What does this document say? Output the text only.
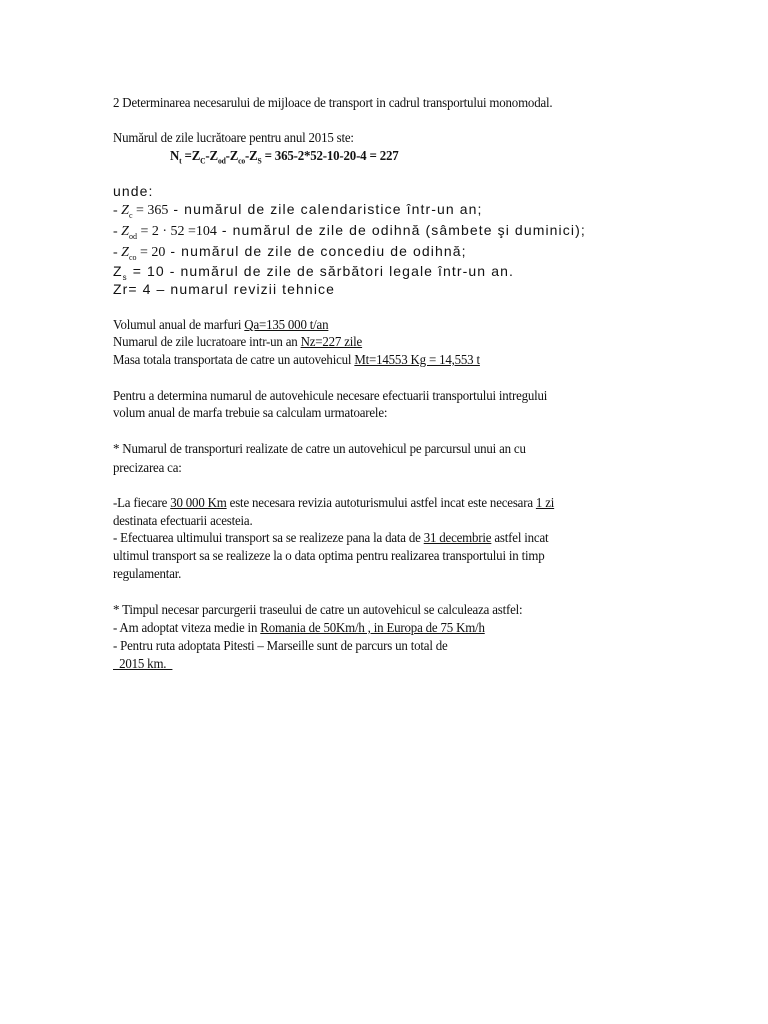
2 Determinarea necesarului de mijloace de transport in cadrul transportului monomodal.
Numărul de zile lucrătoare pentru anul 2015 ste:
$N_t =Z_C-Z_{od}-Z_{co}-Z_S = 365-2*52-10-20-4 = 227$
unde:
- $Z_c = 365$ - numărul de zile calendaristice într-un an;
- $Z_{od} = 2 \cdot 52 =104$ - numărul de zile de odihnă (sâmbete şi duminici);
- $Z_{co} = 20$ - numărul de zile de concediu de odihnă;
$Z_s = 10$ - numărul de zile de sărbători legale într-un an.
Zr= 4 – numarul revizii tehnice
Volumul anual de marfuri Qa=135 000 t/an
Numarul de zile lucratoare intr-un an Nz=227 zile
Masa totala transportata de catre un autovehicul Mt=14553 Kg = 14,553 t
Pentru a determina numarul de autovehicule necesare efectuarii transportului intregului
volum anual de marfa trebuie sa calculam urmatoarele:
* Numarul de transporturi realizate de catre un autovehicul pe parcursul unui an cu
precizarea ca:
-La fiecare 30 000 Km este necesara revizia autoturismului astfel incat este necesara 1 zi
destinata efectuarii acesteia.
- Efectuarea ultimului transport sa se realizeze pana la data de 31 decembrie astfel incat
ultimul transport sa se realizeze la o data optima pentru realizarea transportului in timp
regulamentar.
* Timpul necesar parcurgerii traseului de catre un autovehicul se calculeaza astfel:
- Am adoptat viteza medie in Romania de 50Km/h , in Europa de 75 Km/h
- Pentru ruta adoptata Pitesti – Marseille sunt de parcurs un total de
2015 km.
